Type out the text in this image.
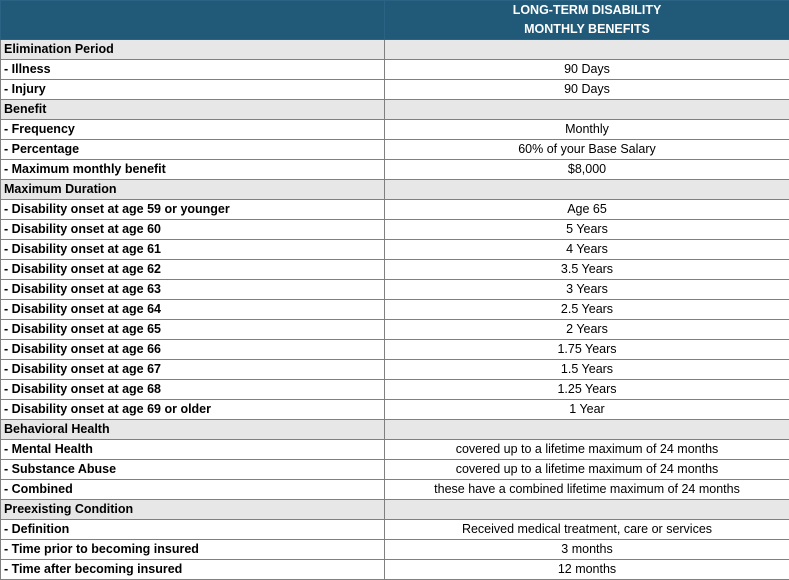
	LONG-TERM DISABILITY
MONTHLY BENEFITS

Elimination Period	
- Illness	90 Days
- Injury	90 Days
Benefit	
- Frequency	Monthly
- Percentage	60% of your Base Salary
- Maximum monthly benefit	$8,000
Maximum Duration	
- Disability onset at age 59 or younger	Age 65
- Disability onset at age 60	5 Years
- Disability onset at age 61	4 Years
- Disability onset at age 62	3.5 Years
- Disability onset at age 63	3 Years
- Disability onset at age 64	2.5 Years
- Disability onset at age 65	2 Years
- Disability onset at age 66	1.75 Years
- Disability onset at age 67	1.5 Years
- Disability onset at age 68	1.25 Years
- Disability onset at age 69 or older	1 Year
Behavioral Health	
- Mental Health	covered up to a lifetime maximum of 24 months
- Substance Abuse	covered up to a lifetime maximum of 24 months
- Combined	these have a combined lifetime maximum of 24 months
Preexisting Condition	
- Definition	Received medical treatment, care or services
- Time prior to becoming insured	3 months
- Time after becoming insured	12 months
